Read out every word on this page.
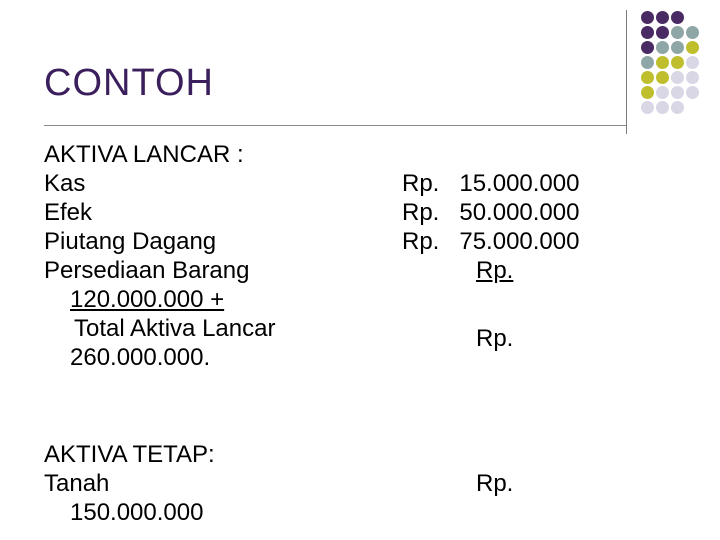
CONTOH
AKTIVA LANCAR :
Kas
Efek
Piutang Dagang
Persediaan Barang
120.000.000 +
Total Aktiva Lancar
260.000.000.
AKTIVA TETAP:
Tanah
150.000.000
Rp.   15.000.000
Rp.   50.000.000
Rp.   75.000.000
Rp.
Rp.
Rp.
